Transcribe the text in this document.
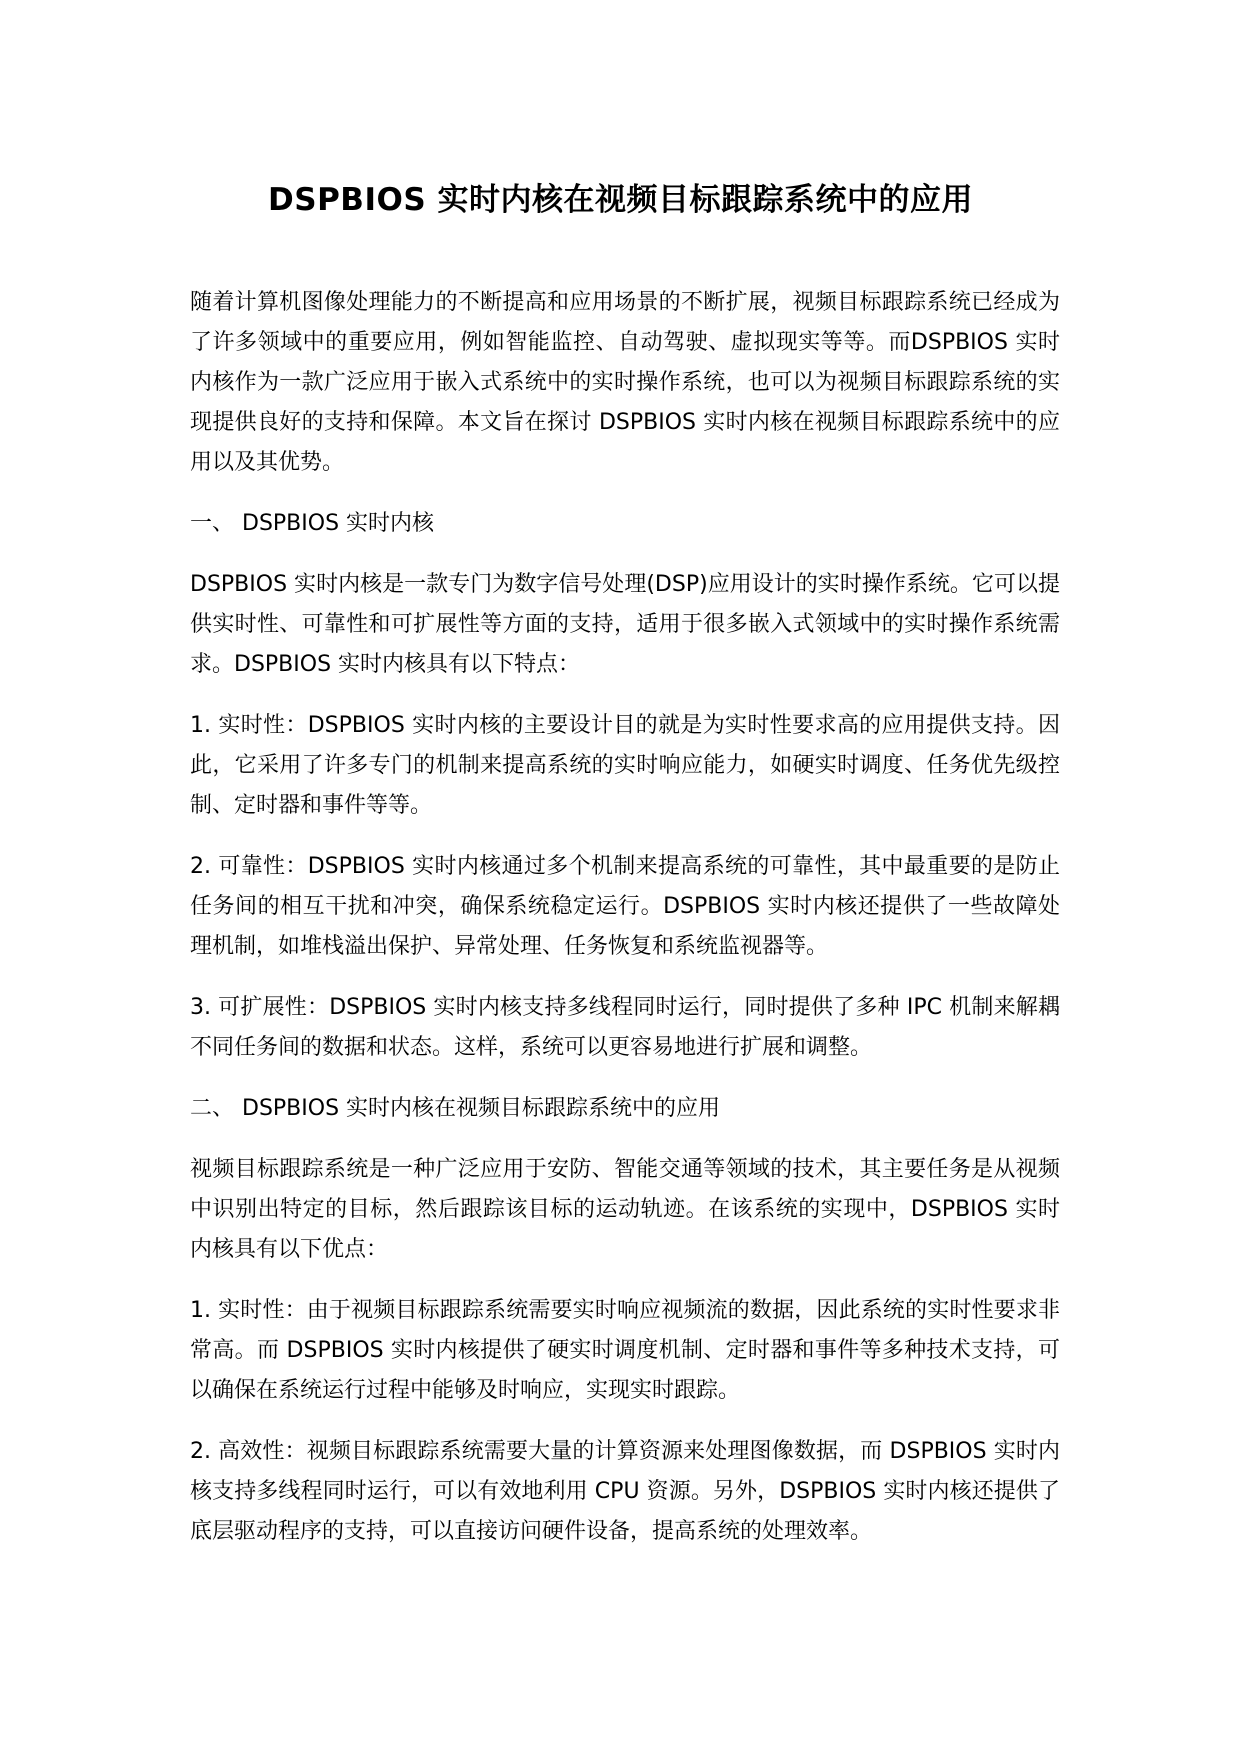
DSPBIOS 实时内核在视频目标跟踪系统中的应用

随着计算机图像处理能力的不断提高和应用场景的不断扩展，视频目标跟踪系统已经成为了许多领域中的重要应用，例如智能监控、自动驾驶、虚拟现实等等。而DSPBIOS 实时内核作为一款广泛应用于嵌入式系统中的实时操作系统，也可以为视频目标跟踪系统的实现提供良好的支持和保障。本文旨在探讨 DSPBIOS 实时内核在视频目标跟踪系统中的应用以及其优势。

一、 DSPBIOS 实时内核

DSPBIOS 实时内核是一款专门为数字信号处理(DSP)应用设计的实时操作系统。它可以提供实时性、可靠性和可扩展性等方面的支持，适用于很多嵌入式领域中的实时操作系统需求。DSPBIOS 实时内核具有以下特点：

1. 实时性：DSPBIOS 实时内核的主要设计目的就是为实时性要求高的应用提供支持。因此，它采用了许多专门的机制来提高系统的实时响应能力，如硬实时调度、任务优先级控制、定时器和事件等等。

2. 可靠性：DSPBIOS 实时内核通过多个机制来提高系统的可靠性，其中最重要的是防止任务间的相互干扰和冲突，确保系统稳定运行。DSPBIOS 实时内核还提供了一些故障处理机制，如堆栈溢出保护、异常处理、任务恢复和系统监视器等。

3. 可扩展性：DSPBIOS 实时内核支持多线程同时运行，同时提供了多种 IPC 机制来解耦不同任务间的数据和状态。这样，系统可以更容易地进行扩展和调整。

二、 DSPBIOS 实时内核在视频目标跟踪系统中的应用

视频目标跟踪系统是一种广泛应用于安防、智能交通等领域的技术，其主要任务是从视频中识别出特定的目标，然后跟踪该目标的运动轨迹。在该系统的实现中，DSPBIOS 实时内核具有以下优点：

1. 实时性：由于视频目标跟踪系统需要实时响应视频流的数据，因此系统的实时性要求非常高。而 DSPBIOS 实时内核提供了硬实时调度机制、定时器和事件等多种技术支持，可以确保在系统运行过程中能够及时响应，实现实时跟踪。

2. 高效性：视频目标跟踪系统需要大量的计算资源来处理图像数据，而 DSPBIOS 实时内核支持多线程同时运行，可以有效地利用 CPU 资源。另外，DSPBIOS 实时内核还提供了底层驱动程序的支持，可以直接访问硬件设备，提高系统的处理效率。
